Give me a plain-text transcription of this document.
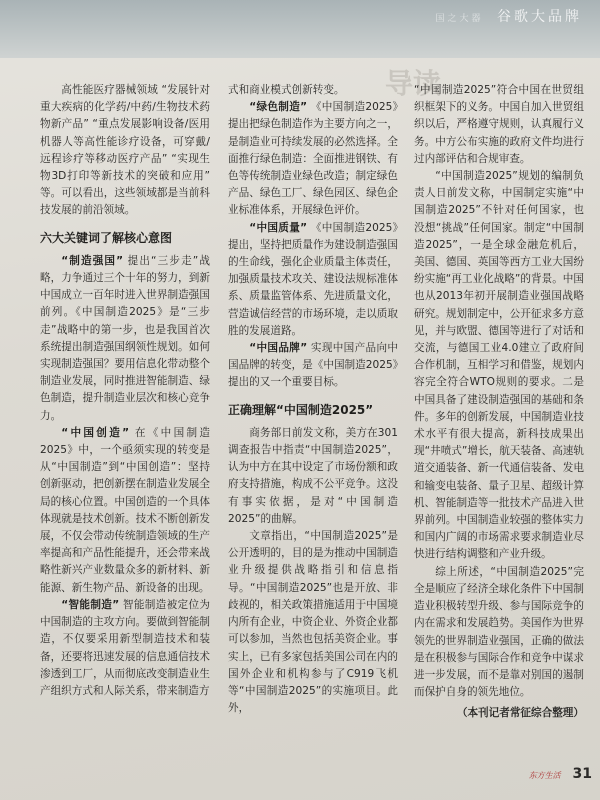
国之大器 谷歌大品牌
导读

高性能医疗器械领域 “发展针对重大疾病的化学药/中药/生物技术药物新产品” “重点发展影响设备/医用机器人等高性能诊疗设备，可穿戴/远程诊疗等移动医疗产品” “实现生物3D打印等新技术的突破和应用” 等。可以看出，这些领域都是当前科技发展的前沿领域。

六大关键词了解核心意图

“制造强国” 提出“三步走”战略，力争通过三个十年的努力，到新中国成立一百年时进入世界制造强国前列。《中国制造2025》是“三步走”战略中的第一步，也是我国首次系统提出制造强国纲领性规划。如何实现制造强国？要用信息化带动整个制造业发展，同时推进智能制造、绿色制造，提升制造业层次和核心竞争力。

“中国创造” 在《中国制造2025》中，一个亟须实现的转变是从“中国制造”到“中国创造”：坚持创新驱动，把创新摆在制造业发展全局的核心位置。中国创造的一个具体体现就是技术创新。技术不断创新发展，不仅会带动传统制造领域的生产率提高和产品性能提升，还会带来战略性新兴产业数量众多的新材料、新能源、新生物产品、新设备的出现。

“智能制造” 智能制造被定位为中国制造的主攻方向。要做到智能制造，不仅要采用新型制造技术和装备，还要将迅速发展的信息通信技术渗透到工厂，从而彻底改变制造业生产组织方式和人际关系，带来制造方

式和商业模式创新转变。

“绿色制造” 《中国制造2025》提出把绿色制造作为主要方向之一，是制造业可持续发展的必然选择。全面推行绿色制造：全面推进钢铁、有色等传统制造业绿色改造；制定绿色产品、绿色工厂、绿色园区、绿色企业标准体系，开展绿色评价。

“中国质量” 《中国制造2025》提出，坚持把质量作为建设制造强国的生命线，强化企业质量主体责任，加强质量技术攻关、建设法规标准体系、质量监管体系、先进质量文化，营造诚信经营的市场环境，走以质取胜的发展道路。

“中国品牌” 实现中国产品向中国品牌的转变，是《中国制造2025》提出的又一个重要目标。

正确理解“中国制造2025”

商务部日前发文称，美方在301调查报告中指责“中国制造2025”，认为中方在其中设定了市场份额和政府支持措施，构成不公平竞争。这没有事实依据，是对“中国制造2025”的曲解。

文章指出，“中国制造2025”是公开透明的，目的是为推动中国制造业升级提供战略指引和信息指导。“中国制造2025”也是开放、非歧视的，相关政策措施适用于中国境内所有企业，中资企业、外资企业都可以参加，当然也包括美资企业。事实上，已有多家包括美国公司在内的国外企业和机构参与了C919飞机等“中国制造2025”的实施项目。此外，

“中国制造2025”符合中国在世贸组织框架下的义务。中国自加入世贸组织以后，严格遵守规则，认真履行义务。中方公布实施的政府文件均进行过内部评估和合规审查。

“中国制造2025”规划的编制负责人日前发文称，中国制定实施“中国制造2025”不针对任何国家，也没想“挑战”任何国家。制定“中国制造2025”，一是全球金融危机后，美国、德国、英国等西方工业大国纷纷实施“再工业化战略”的背景。中国也从2013年初开展制造业强国战略研究。规划制定中，公开征求多方意见，并与欧盟、德国等进行了对话和交流，与德国工业4.0建立了政府间合作机制，互相学习和借鉴，规划内容完全符合WTO规则的要求。二是中国具备了建设制造强国的基础和条件。多年的创新发展，中国制造业技术水平有很大提高，新科技成果出现“井喷式”增长，航天装备、高速轨道交通装备、新一代通信装备、发电和输变电装备、量子卫星、超级计算机、智能制造等一批技术产品进入世界前列。中国制造业较强的整体实力和国内广阔的市场需求要求制造业尽快进行结构调整和产业升级。

综上所述，“中国制造2025”完全是顺应了经济全球化条件下中国制造业积极转型升级、参与国际竞争的内在需求和发展趋势。美国作为世界领先的世界制造业强国，正确的做法是在积极参与国际合作和竞争中谋求进一步发展，而不是靠对别国的遏制而保护自身的领先地位。

（本刊记者常征综合整理）
东方生活 31
